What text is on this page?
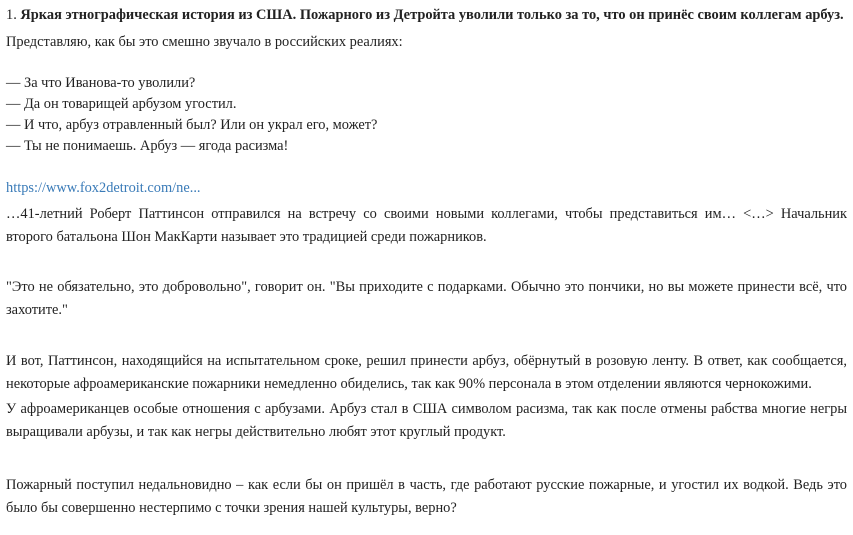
1. Яркая этнографическая история из США. Пожарного из Детройта уволили только за то, что он принёс своим коллегам арбуз.
Представляю, как бы это смешно звучало в российских реалиях:
— За что Иванова-то уволили?
— Да он товарищей арбузом угостил.
— И что, арбуз отравленный был? Или он украл его, может?
— Ты не понимаешь. Арбуз — ягода расизма!
https://www.fox2detroit.com/ne...
…41-летний Роберт Паттинсон отправился на встречу со своими новыми коллегами, чтобы представиться им… <…> Начальник второго батальона Шон МакКарти называет это традицией среди пожарников.
"Это не обязательно, это добровольно", говорит он. "Вы приходите с подарками. Обычно это пончики, но вы можете принести всё, что захотите."
И вот, Паттинсон, находящийся на испытательном сроке, решил принести арбуз, обёрнутый в розовую ленту. В ответ, как сообщается, некоторые афроамериканские пожарники немедленно обиделись, так как 90% персонала в этом отделении являются чернокожими.
У афроамериканцев особые отношения с арбузами. Арбуз стал в США символом расизма, так как после отмены рабства многие негры выращивали арбузы, и так как негры действительно любят этот круглый продукт.
Пожарный поступил недальновидно – как если бы он пришёл в часть, где работают русские пожарные, и угостил их водкой. Ведь это было бы совершенно нестерпимо с точки зрения нашей культуры, верно?
